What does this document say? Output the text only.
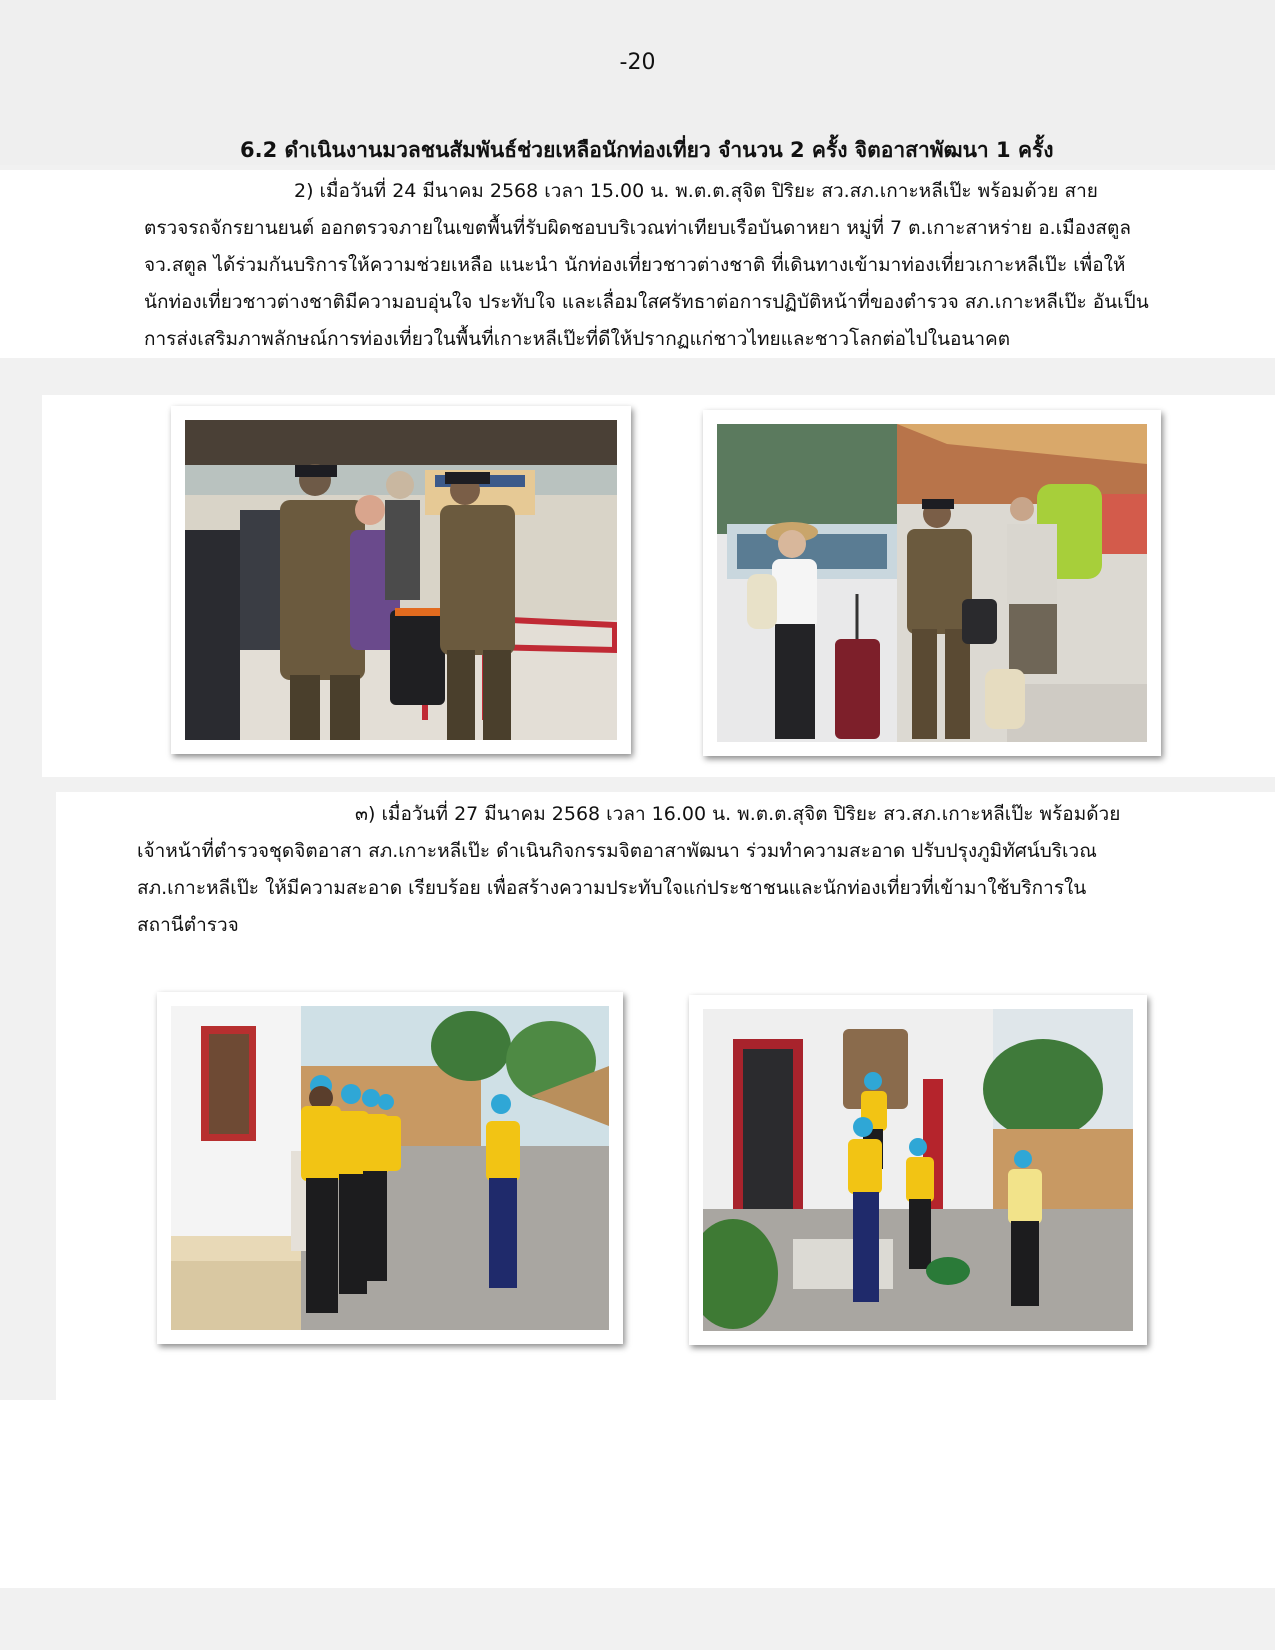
-20
6.2 ดำเนินงานมวลชนสัมพันธ์ช่วยเหลือนักท่องเที่ยว จำนวน 2 ครั้ง จิตอาสาพัฒนา 1 ครั้ง
2) เมื่อวันที่ 24 มีนาคม 2568 เวลา 15.00 น. พ.ต.ต.สุจิต ปิริยะ สว.สภ.เกาะหลีเป๊ะ พร้อมด้วย สาย
ตรวจรถจักรยานยนต์ ออกตรวจภายในเขตพื้นที่รับผิดชอบบริเวณท่าเทียบเรือบันดาหยา หมู่ที่ 7 ต.เกาะสาหร่าย อ.เมืองสตูล
จว.สตูล ได้ร่วมกันบริการให้ความช่วยเหลือ แนะนำ นักท่องเที่ยวชาวต่างชาติ ที่เดินทางเข้ามาท่องเที่ยวเกาะหลีเป๊ะ เพื่อให้
นักท่องเที่ยวชาวต่างชาติมีความอบอุ่นใจ ประทับใจ และเลื่อมใสศรัทธาต่อการปฏิบัติหน้าที่ของตำรวจ สภ.เกาะหลีเป๊ะ อันเป็น
การส่งเสริมภาพลักษณ์การท่องเที่ยวในพื้นที่เกาะหลีเป๊ะที่ดีให้ปรากฏแก่ชาวไทยและชาวโลกต่อไปในอนาคต
๓) เมื่อวันที่ 27 มีนาคม 2568 เวลา 16.00 น. พ.ต.ต.สุจิต ปิริยะ สว.สภ.เกาะหลีเป๊ะ พร้อมด้วย
เจ้าหน้าที่ตำรวจชุดจิตอาสา สภ.เกาะหลีเป๊ะ ดำเนินกิจกรรมจิตอาสาพัฒนา ร่วมทำความสะอาด ปรับปรุงภูมิทัศน์บริเวณ
สภ.เกาะหลีเป๊ะ ให้มีความสะอาด เรียบร้อย เพื่อสร้างความประทับใจแก่ประชาชนและนักท่องเที่ยวที่เข้ามาใช้บริการใน
สถานีตำรวจ
